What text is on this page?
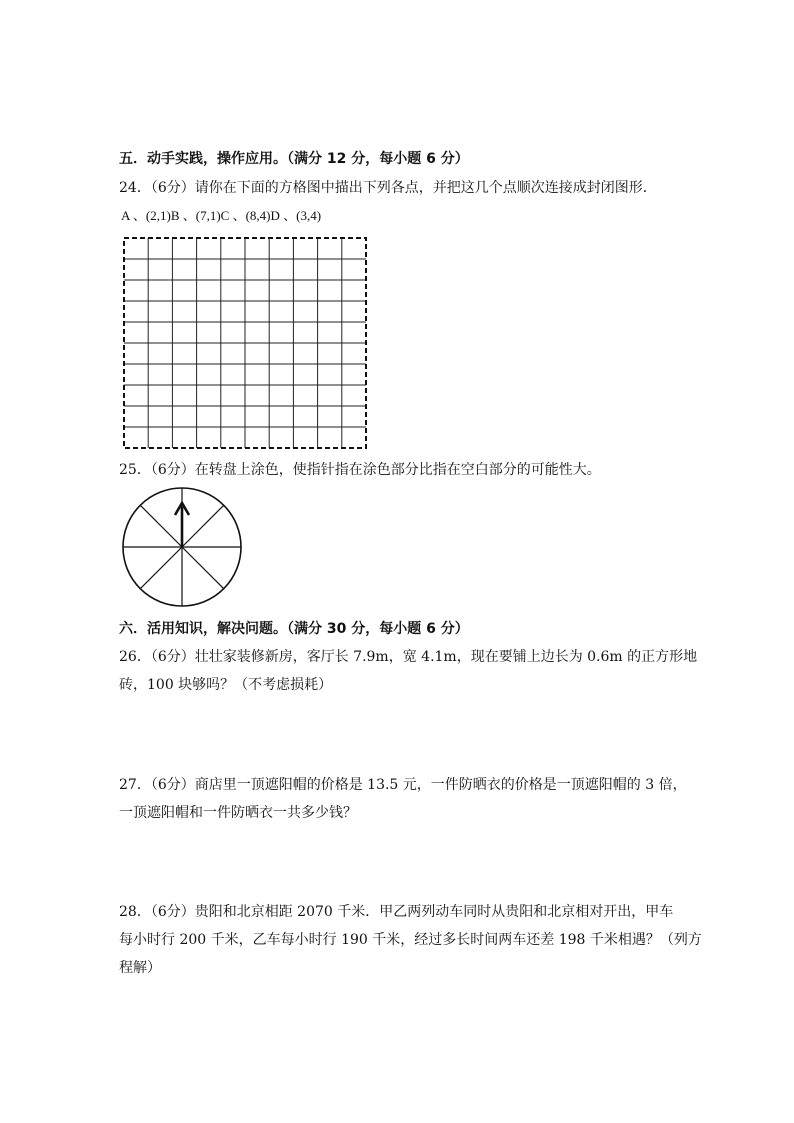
五．动手实践，操作应用。（满分 12 分，每小题 6 分）
24．（6分）请你在下面的方格图中描出下列各点，并把这几个点顺次连接成封闭图形．
A 、(2,1)B 、(7,1)C 、(8,4)D 、(3,4)
25．（6分）在转盘上涂色，使指针指在涂色部分比指在空白部分的可能性大。
六．活用知识，解决问题。（满分 30 分，每小题 6 分）
26．（6分）壮壮家装修新房，客厅长 7.9m，宽 4.1m，现在要铺上边长为 0.6m 的正方形地
砖，100 块够吗？（不考虑损耗）
27．（6分）商店里一顶遮阳帽的价格是 13.5 元，一件防晒衣的价格是一顶遮阳帽的 3 倍，
一顶遮阳帽和一件防晒衣一共多少钱？
28．（6分）贵阳和北京相距 2070 千米．甲乙两列动车同时从贵阳和北京相对开出，甲车
每小时行 200 千米，乙车每小时行 190 千米，经过多长时间两车还差 198 千米相遇？（列方
程解）
